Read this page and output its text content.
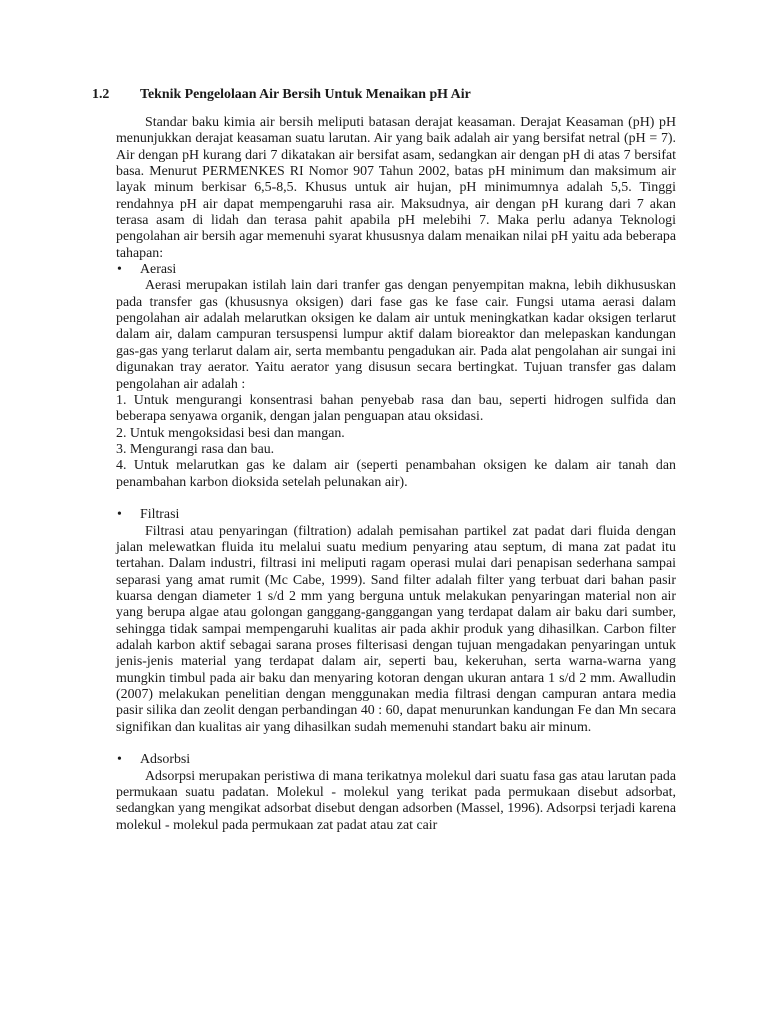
1.2 Teknik Pengelolaan Air Bersih Untuk Menaikan pH Air

Standar baku kimia air bersih meliputi batasan derajat keasaman. Derajat Keasaman (pH) pH menunjukkan derajat keasaman suatu larutan. Air yang baik adalah air yang bersifat netral (pH = 7). Air dengan pH kurang dari 7 dikatakan air bersifat asam, sedangkan air dengan pH di atas 7 bersifat basa. Menurut PERMENKES RI Nomor 907 Tahun 2002, batas pH minimum dan maksimum air layak minum berkisar 6,5-8,5. Khusus untuk air hujan, pH minimumnya adalah 5,5. Tinggi rendahnya pH air dapat mempengaruhi rasa air. Maksudnya, air dengan pH kurang dari 7 akan terasa asam di lidah dan terasa pahit apabila pH melebihi 7. Maka perlu adanya Teknologi pengolahan air bersih agar memenuhi syarat khususnya dalam menaikan nilai pH yaitu ada beberapa tahapan:

• Aerasi

Aerasi merupakan istilah lain dari tranfer gas dengan penyempitan makna, lebih dikhususkan pada transfer gas (khususnya oksigen) dari fase gas ke fase cair. Fungsi utama aerasi dalam pengolahan air adalah melarutkan oksigen ke dalam air untuk meningkatkan kadar oksigen terlarut dalam air, dalam campuran tersuspensi lumpur aktif dalam bioreaktor dan melepaskan kandungan gas-gas yang terlarut dalam air, serta membantu pengadukan air. Pada alat pengolahan air sungai ini digunakan tray aerator. Yaitu aerator yang disusun secara bertingkat. Tujuan transfer gas dalam pengolahan air adalah :

1. Untuk mengurangi konsentrasi bahan penyebab rasa dan bau, seperti hidrogen sulfida dan beberapa senyawa organik, dengan jalan penguapan atau oksidasi.

2. Untuk mengoksidasi besi dan mangan.

3. Mengurangi rasa dan bau.

4. Untuk melarutkan gas ke dalam air (seperti penambahan oksigen ke dalam air tanah dan penambahan karbon dioksida setelah pelunakan air).

• Filtrasi

Filtrasi atau penyaringan (filtration) adalah pemisahan partikel zat padat dari fluida dengan jalan melewatkan fluida itu melalui suatu medium penyaring atau septum, di mana zat padat itu tertahan. Dalam industri, filtrasi ini meliputi ragam operasi mulai dari penapisan sederhana sampai separasi yang amat rumit (Mc Cabe, 1999). Sand filter adalah filter yang terbuat dari bahan pasir kuarsa dengan diameter 1 s/d 2 mm yang berguna untuk melakukan penyaringan material non air yang berupa algae atau golongan ganggang-ganggangan yang terdapat dalam air baku dari sumber, sehingga tidak sampai mempengaruhi kualitas air pada akhir produk yang dihasilkan. Carbon filter adalah karbon aktif sebagai sarana proses filterisasi dengan tujuan mengadakan penyaringan untuk jenis-jenis material yang terdapat dalam air, seperti bau, kekeruhan, serta warna-warna yang mungkin timbul pada air baku dan menyaring kotoran dengan ukuran antara 1 s/d 2 mm. Awalludin (2007) melakukan penelitian dengan menggunakan media filtrasi dengan campuran antara media pasir silika dan zeolit dengan perbandingan 40 : 60, dapat menurunkan kandungan Fe dan Mn secara signifikan dan kualitas air yang dihasilkan sudah memenuhi standart baku air minum.

• Adsorbsi

Adsorpsi merupakan peristiwa di mana terikatnya molekul dari suatu fasa gas atau larutan pada permukaan suatu padatan. Molekul - molekul yang terikat pada permukaan disebut adsorbat, sedangkan yang mengikat adsorbat disebut dengan adsorben (Massel, 1996). Adsorpsi terjadi karena molekul - molekul pada permukaan zat padat atau zat cair
